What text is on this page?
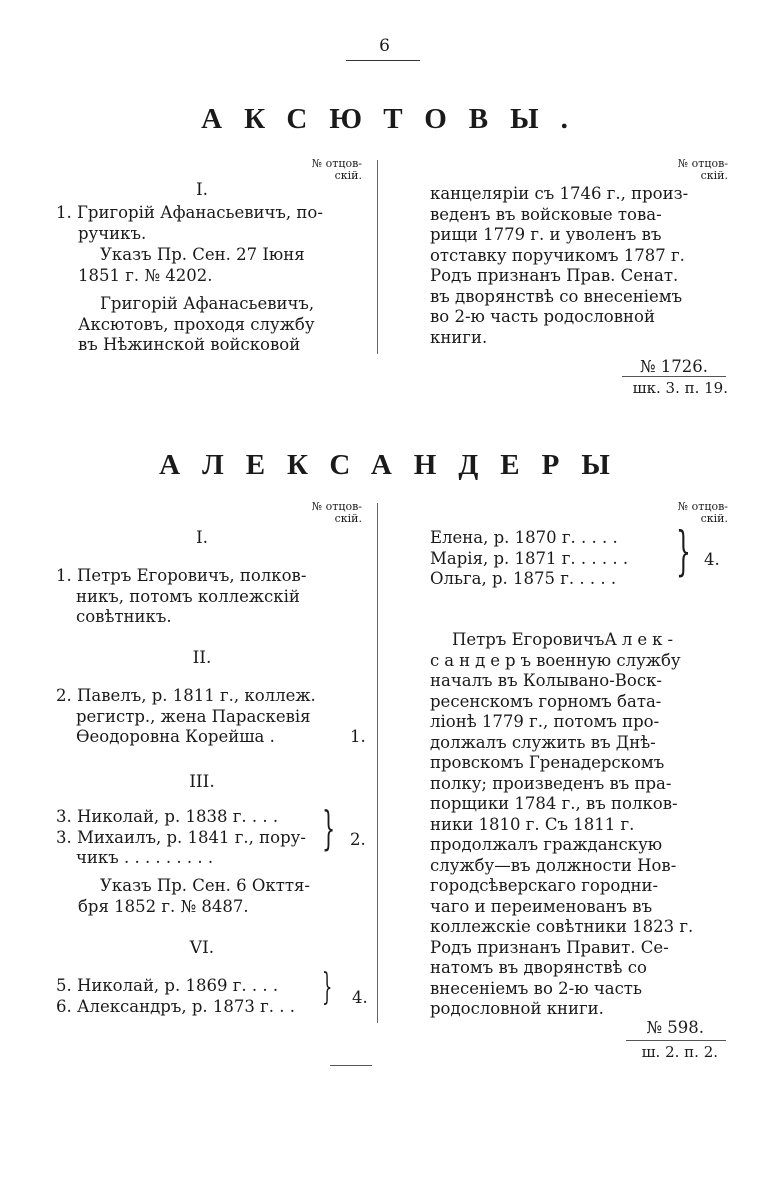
6
АКСЮТОВЫ.
№ отцов-
скій.
№ отцов-
скій.
I.
1. Григорій Афанасьевичъ, по-
ручикъ.
Указъ Пр. Сен. 27 Іюня
1851 г. № 4202.
Григорій Афанасьевичъ,
Аксютовъ, проходя службу
въ Нѣжинской войсковой
канцеляріи съ 1746 г., произ-
веденъ въ войсковые това-
рищи 1779 г. и уволенъ въ
отставку поручикомъ 1787 г.
Родъ признанъ Прав. Сенат.
въ дворянствѣ со внесеніемъ
во 2-ю часть родословной
книги.
№ 1726.
шк. 3. п. 19.
АЛЕКСАНДЕРЫ
№ отцов-
скій.
№ отцов-
скій.
I.
1. Петръ Егоровичъ, полков-
никъ, потомъ коллежскій
совѣтникъ.
II.
2. Павелъ, р. 1811 г., коллеж.
регистр., жена Параскевія
Ѳеодоровна Корейша .	1.
III.
3. Николай, р. 1838 г. . . .
3. Михаилъ, р. 1841 г., пору-
чикъ . . . . . . . . .
} 2.
Указъ Пр. Сен. 6 Окття-
бря 1852 г. № 8487.
VI.
5. Николай, р. 1869 г. . . .
6. Александръ, р. 1873 г. . . } 4.
Елена, р. 1870 г. . . . .
Марія, р. 1871 г. . . . . .
Ольга, р. 1875 г. . . . .	} 4.
Петръ Егоровичъ Алек-
сандеръ военную службу
началъ въ Колывано-Воск-
ресенскомъ горномъ бата-
ліонѣ 1779 г., потомъ про-
должалъ служить въ Днѣ-
провскомъ Гренадерскомъ
полку; произведенъ въ пра-
порщики 1784 г., въ полков-
ники 1810 г. Съ 1811 г.
продолжалъ гражданскую
службу—въ должности Нов-
городсѣверскаго городни-
чаго и переименованъ въ
коллежскіе совѣтники 1823 г.
Родъ признанъ Правит. Се-
натомъ въ дворянствѣ со
внесеніемъ во 2-ю часть
родословной книги.
№ 598.
ш. 2. п. 2.
